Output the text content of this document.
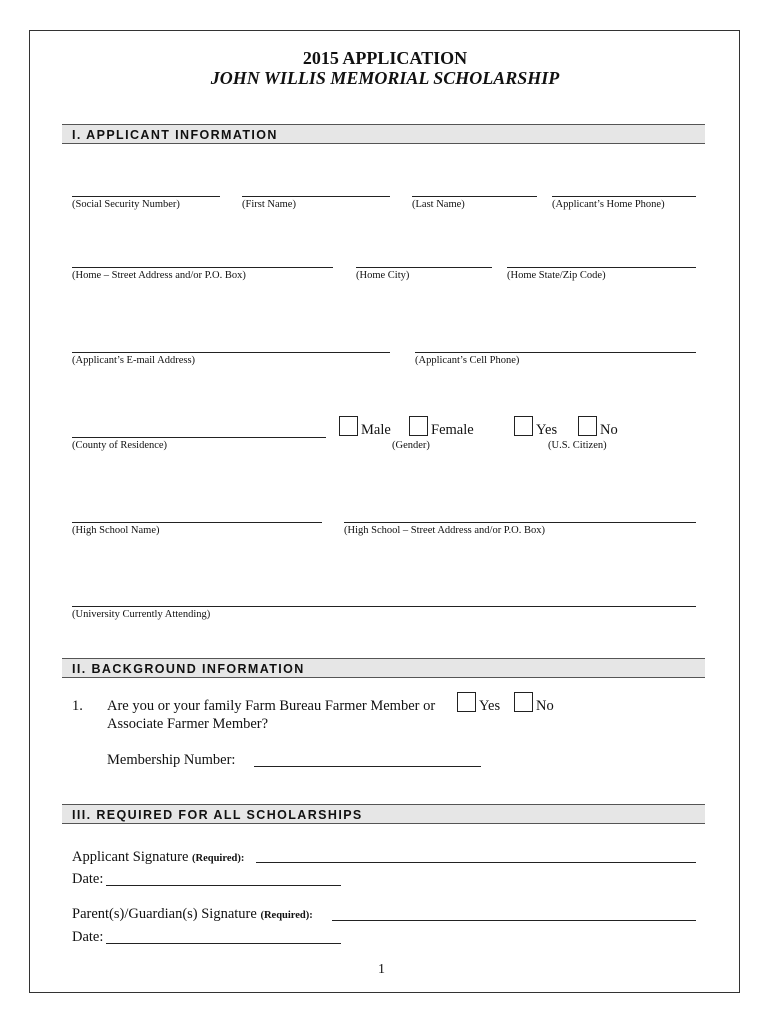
2015 APPLICATION
JOHN WILLIS MEMORIAL SCHOLARSHIP
I. APPLICANT INFORMATION
(Social Security Number)	(First Name)	(Last Name)	(Applicant’s Home Phone)
(Home – Street Address and/or P.O. Box)	(Home City)	(Home State/Zip Code)
(Applicant’s E-mail Address)	(Applicant’s Cell Phone)
(County of Residence)
Male	Female
(Gender)
Yes	No
(U.S. Citizen)
(High School Name)	(High School – Street Address and/or P.O. Box)
(University Currently Attending)
II. BACKGROUND INFORMATION
1. Are you or your family Farm Bureau Farmer Member or
Associate Farmer Member?
Yes No
Membership Number:
III. REQUIRED FOR ALL SCHOLARSHIPS
Applicant Signature (Required):
Date:
Parent(s)/Guardian(s) Signature (Required):
Date:
1
